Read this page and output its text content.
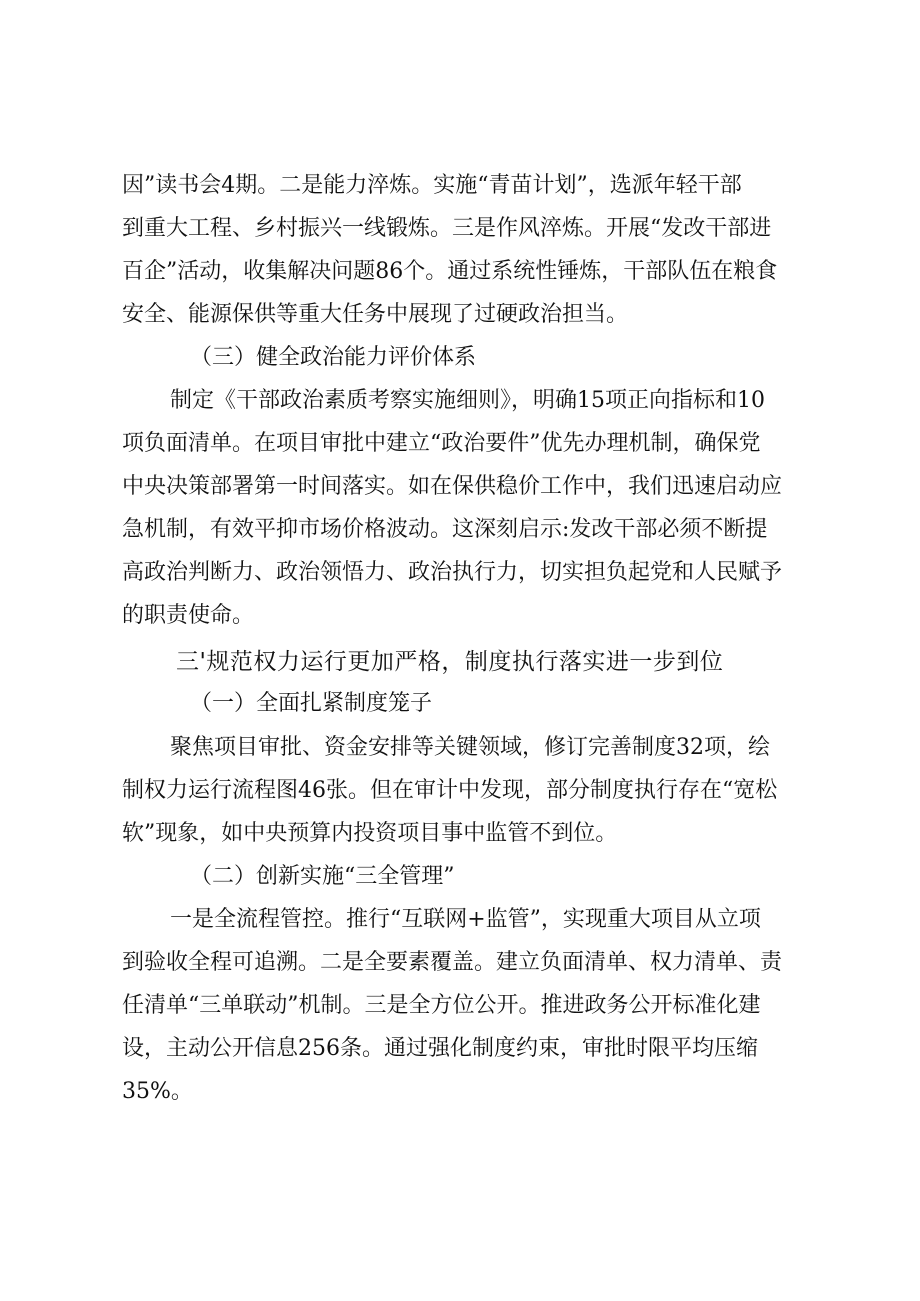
因”读书会4期。二是能力淬炼。实施“青苗计划”，选派年轻干部
到重大工程、乡村振兴一线锻炼。三是作风淬炼。开展“发改干部进
百企”活动，收集解决问题86个。通过系统性锤炼，干部队伍在粮食
安全、能源保供等重大任务中展现了过硬政治担当。
（三）健全政治能力评价体系
制定《干部政治素质考察实施细则》，明确15项正向指标和10
项负面清单。在项目审批中建立“政治要件”优先办理机制，确保党
中央决策部署第一时间落实。如在保供稳价工作中，我们迅速启动应
急机制，有效平抑市场价格波动。这深刻启示:发改干部必须不断提
高政治判断力、政治领悟力、政治执行力，切实担负起党和人民赋予
的职责使命。
三'规范权力运行更加严格，制度执行落实进一步到位
（一）全面扎紧制度笼子
聚焦项目审批、资金安排等关键领域，修订完善制度32项，绘
制权力运行流程图46张。但在审计中发现，部分制度执行存在“宽松
软”现象，如中央预算内投资项目事中监管不到位。
（二）创新实施“三全管理”
一是全流程管控。推行“互联网+监管”，实现重大项目从立项
到验收全程可追溯。二是全要素覆盖。建立负面清单、权力清单、责
任清单“三单联动”机制。三是全方位公开。推进政务公开标准化建
设，主动公开信息256条。通过强化制度约束，审批时限平均压缩
35%。
